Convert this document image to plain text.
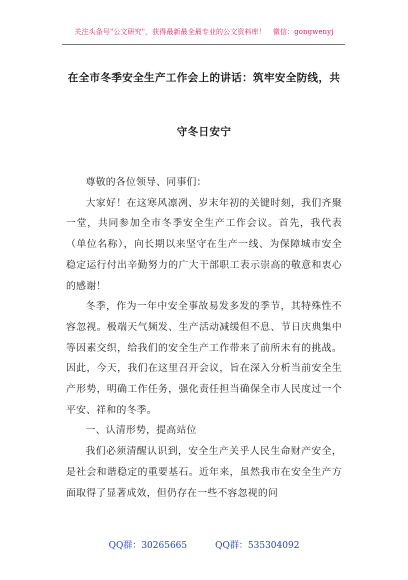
关注头条号"公文研究"，获得最新最全最专业的公文资料库！　微信：gongwenyj
在全市冬季安全生产工作会上的讲话：筑牢安全防线，共
守冬日安宁

尊敬的各位领导、同事们：

大家好！在这寒风凛冽、岁末年初的关键时刻，我们齐聚一堂，共同参加全市冬季安全生产工作会议。首先，我代表（单位名称），向长期以来坚守在生产一线、为保障城市安全稳定运行付出辛勤努力的广大干部职工表示崇高的敬意和衷心的感谢！

冬季，作为一年中安全事故易发多发的季节，其特殊性不容忽视。极端天气频发、生产活动减缓但不息、节日庆典集中等因素交织，给我们的安全生产工作带来了前所未有的挑战。因此，今天，我们在这里召开会议，旨在深入分析当前安全生产形势，明确工作任务，强化责任担当确保全市人民度过一个平安、祥和的冬季。

一、认清形势，提高站位

我们必须清醒认识到，安全生产关乎人民生命财产安全，是社会和谐稳定的重要基石。近年来，虽然我市在安全生产方面取得了显著成效，但仍存在一些不容忽视的问

QQ群：30265665	QQ群：535304092
